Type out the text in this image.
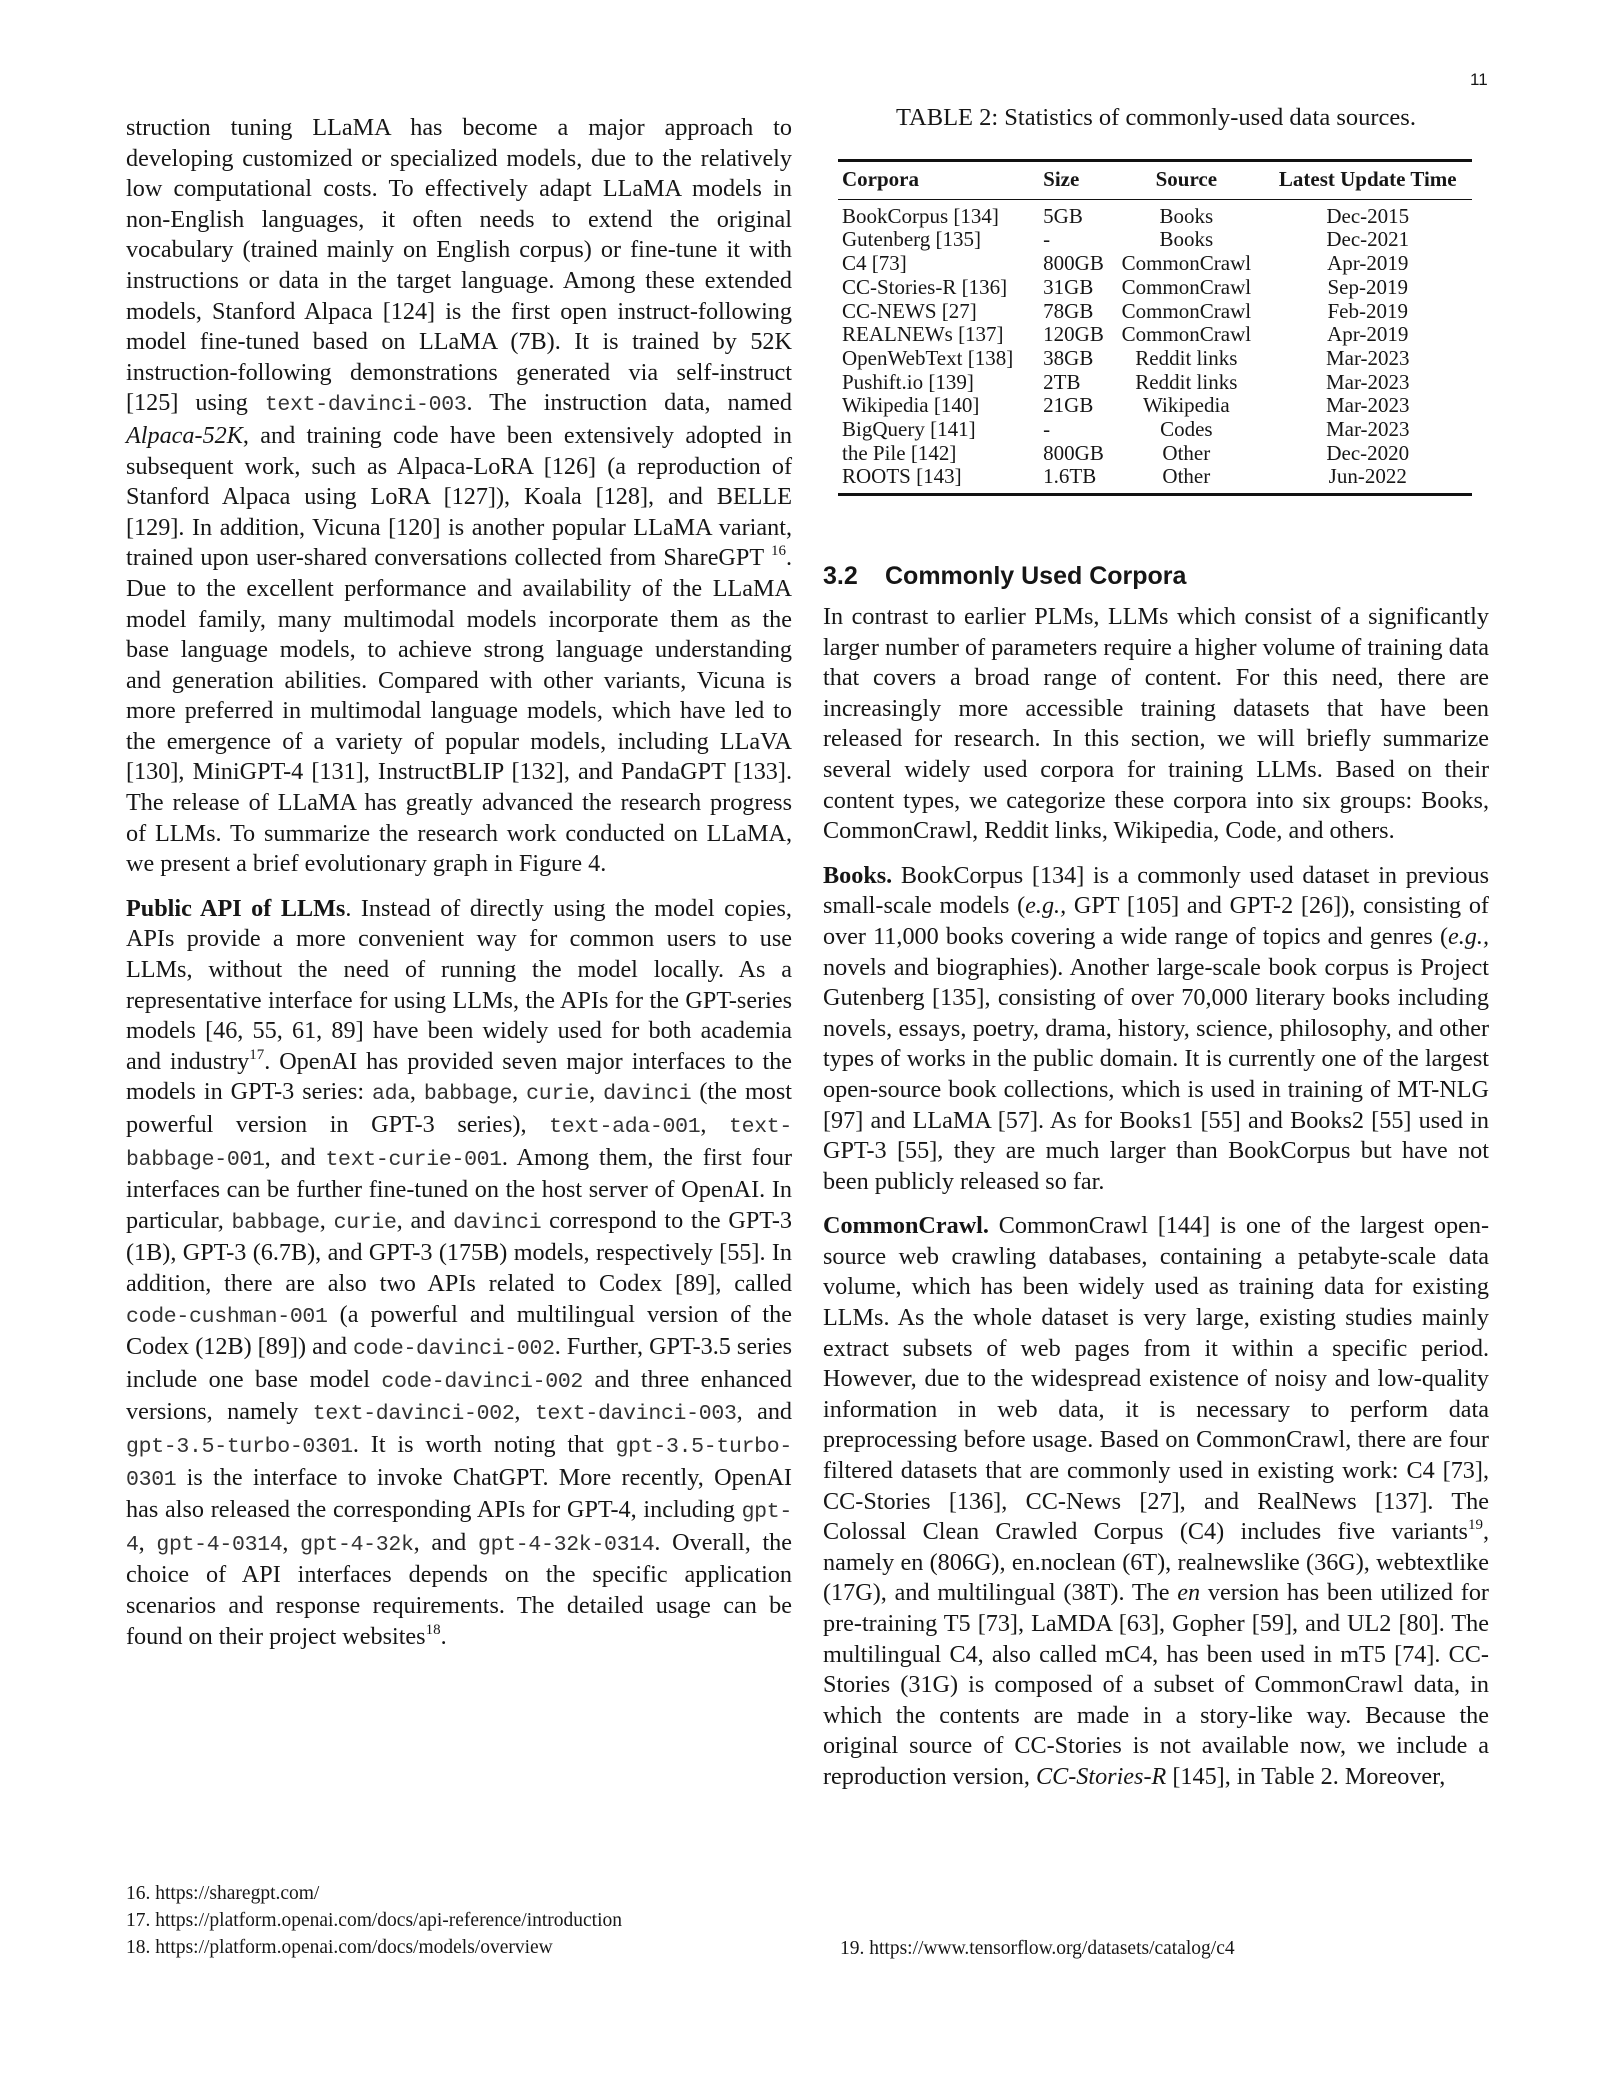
11

struction tuning LLaMA has become a major approach to developing customized or specialized models, due to the relatively low computational costs. To effectively adapt LLaMA models in non-English languages, it often needs to extend the original vocabulary (trained mainly on English corpus) or fine-tune it with instructions or data in the target language. Among these extended models, Stanford Alpaca [124] is the first open instruct-following model fine-tuned based on LLaMA (7B). It is trained by 52K instruction-following demonstrations generated via self-instruct [125] using text-davinci-003. The instruction data, named Alpaca-52K, and training code have been extensively adopted in subsequent work, such as Alpaca-LoRA [126] (a reproduction of Stanford Alpaca using LoRA [127]), Koala [128], and BELLE [129]. In addition, Vicuna [120] is another popular LLaMA variant, trained upon user-shared conversations collected from ShareGPT $^{16}$. Due to the excellent performance and availability of the LLaMA model family, many multimodal models incorporate them as the base language models, to achieve strong language understanding and generation abilities. Compared with other variants, Vicuna is more preferred in multimodal language models, which have led to the emergence of a variety of popular models, including LLaVA [130], MiniGPT-4 [131], InstructBLIP [132], and PandaGPT [133]. The release of LLaMA has greatly advanced the research progress of LLMs. To summarize the research work conducted on LLaMA, we present a brief evolutionary graph in Figure 4.

Public API of LLMs. Instead of directly using the model copies, APIs provide a more convenient way for common users to use LLMs, without the need of running the model locally. As a representative interface for using LLMs, the APIs for the GPT-series models [46, 55, 61, 89] have been widely used for both academia and industry$^{17}$. OpenAI has provided seven major interfaces to the models in GPT-3 series: ada, babbage, curie, davinci (the most powerful version in GPT-3 series), text-ada-001, text-babbage-001, and text-curie-001. Among them, the first four interfaces can be further fine-tuned on the host server of OpenAI. In particular, babbage, curie, and davinci correspond to the GPT-3 (1B), GPT-3 (6.7B), and GPT-3 (175B) models, respectively [55]. In addition, there are also two APIs related to Codex [89], called code-cushman-001 (a powerful and multilingual version of the Codex (12B) [89]) and code-davinci-002. Further, GPT-3.5 series include one base model code-davinci-002 and three enhanced versions, namely text-davinci-002, text-davinci-003, and gpt-3.5-turbo-0301. It is worth noting that gpt-3.5-turbo-0301 is the interface to invoke ChatGPT. More recently, OpenAI has also released the corresponding APIs for GPT-4, including gpt-4, gpt-4-0314, gpt-4-32k, and gpt-4-32k-0314. Overall, the choice of API interfaces depends on the specific application scenarios and response requirements. The detailed usage can be found on their project websites$^{18}$.

16. https://sharegpt.com/
17. https://platform.openai.com/docs/api-reference/introduction
18. https://platform.openai.com/docs/models/overview
TABLE 2: Statistics of commonly-used data sources.
Corpora	Size	Source	Latest Update Time
BookCorpus [134]	5GB	Books	Dec-2015
Gutenberg [135]	-	Books	Dec-2021
C4 [73]	800GB	CommonCrawl	Apr-2019
CC-Stories-R [136]	31GB	CommonCrawl	Sep-2019
CC-NEWS [27]	78GB	CommonCrawl	Feb-2019
REALNEWs [137]	120GB	CommonCrawl	Apr-2019
OpenWebText [138]	38GB	Reddit links	Mar-2023
Pushift.io [139]	2TB	Reddit links	Mar-2023
Wikipedia [140]	21GB	Wikipedia	Mar-2023
BigQuery [141]	-	Codes	Mar-2023
the Pile [142]	800GB	Other	Dec-2020
ROOTS [143]	1.6TB	Other	Jun-2022
3.2 Commonly Used Corpora

In contrast to earlier PLMs, LLMs which consist of a significantly larger number of parameters require a higher volume of training data that covers a broad range of content. For this need, there are increasingly more accessible training datasets that have been released for research. In this section, we will briefly summarize several widely used corpora for training LLMs. Based on their content types, we categorize these corpora into six groups: Books, CommonCrawl, Reddit links, Wikipedia, Code, and others.

Books. BookCorpus [134] is a commonly used dataset in previous small-scale models (e.g., GPT [105] and GPT-2 [26]), consisting of over 11,000 books covering a wide range of topics and genres (e.g., novels and biographies). Another large-scale book corpus is Project Gutenberg [135], consisting of over 70,000 literary books including novels, essays, poetry, drama, history, science, philosophy, and other types of works in the public domain. It is currently one of the largest open-source book collections, which is used in training of MT-NLG [97] and LLaMA [57]. As for Books1 [55] and Books2 [55] used in GPT-3 [55], they are much larger than BookCorpus but have not been publicly released so far.

CommonCrawl. CommonCrawl [144] is one of the largest open-source web crawling databases, containing a petabyte-scale data volume, which has been widely used as training data for existing LLMs. As the whole dataset is very large, existing studies mainly extract subsets of web pages from it within a specific period. However, due to the widespread existence of noisy and low-quality information in web data, it is necessary to perform data preprocessing before usage. Based on CommonCrawl, there are four filtered datasets that are commonly used in existing work: C4 [73], CC-Stories [136], CC-News [27], and RealNews [137]. The Colossal Clean Crawled Corpus (C4) includes five variants$^{19}$, namely en (806G), en.noclean (6T), realnewslike (36G), webtextlike (17G), and multilingual (38T). The en version has been utilized for pre-training T5 [73], LaMDA [63], Gopher [59], and UL2 [80]. The multilingual C4, also called mC4, has been used in mT5 [74]. CC-Stories (31G) is composed of a subset of CommonCrawl data, in which the contents are made in a story-like way. Because the original source of CC-Stories is not available now, we include a reproduction version, CC-Stories-R [145], in Table 2. Moreover,

19. https://www.tensorflow.org/datasets/catalog/c4
